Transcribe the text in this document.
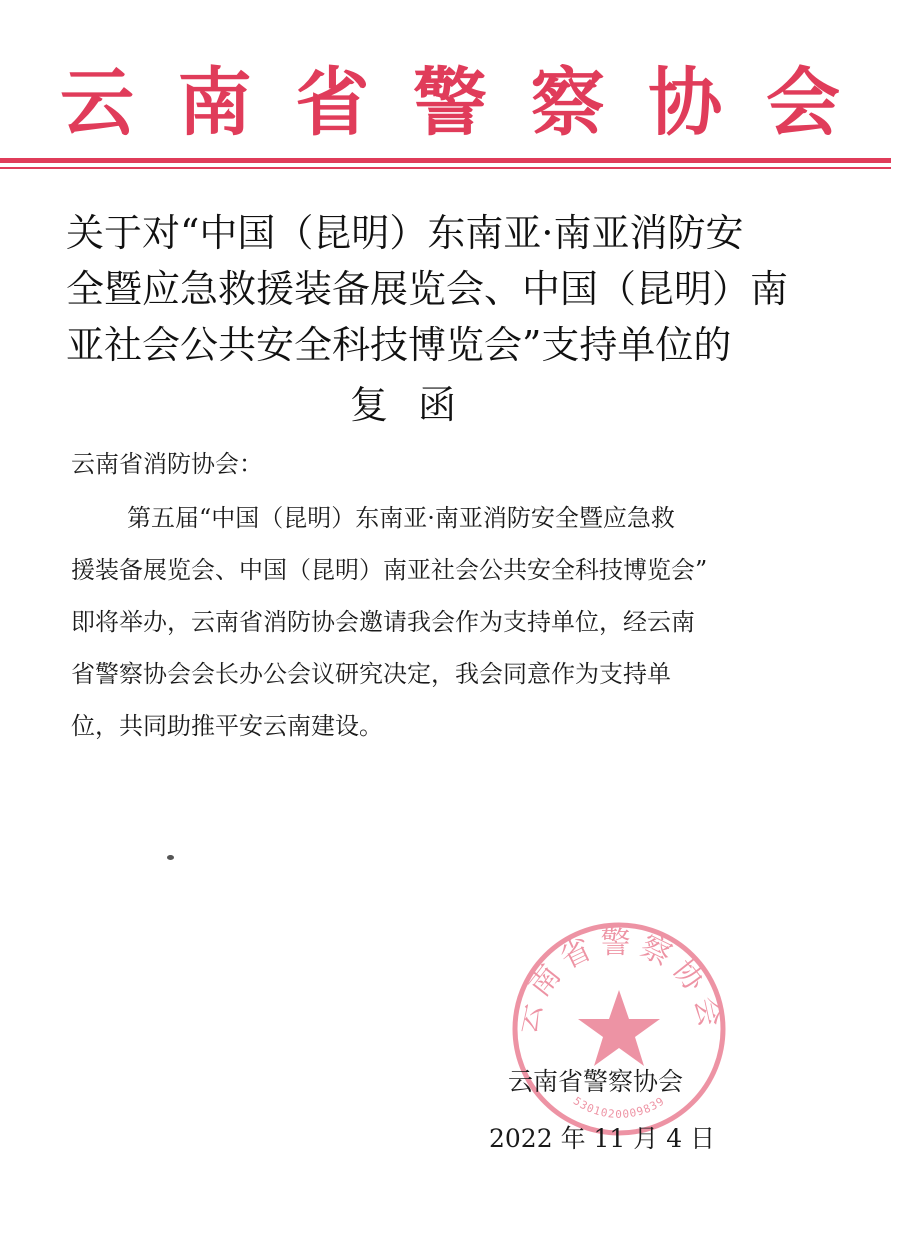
云 南 省 警 察 协 会
关于对“中国（昆明）东南亚·南亚消防安
全暨应急救援装备展览会、中国（昆明）南
亚社会公共安全科技博览会”支持单位的
复函
云南省消防协会：
第五届“中国（昆明）东南亚·南亚消防安全暨应急救
援装备展览会、中国（昆明）南亚社会公共安全科技博览会”
即将举办，云南省消防协会邀请我会作为支持单位，经云南
省警察协会会长办公会议研究决定，我会同意作为支持单
位，共同助推平安云南建设。
云南省警察协会
5301020009839
云南省警察协会
2022 年 11 月 4 日
